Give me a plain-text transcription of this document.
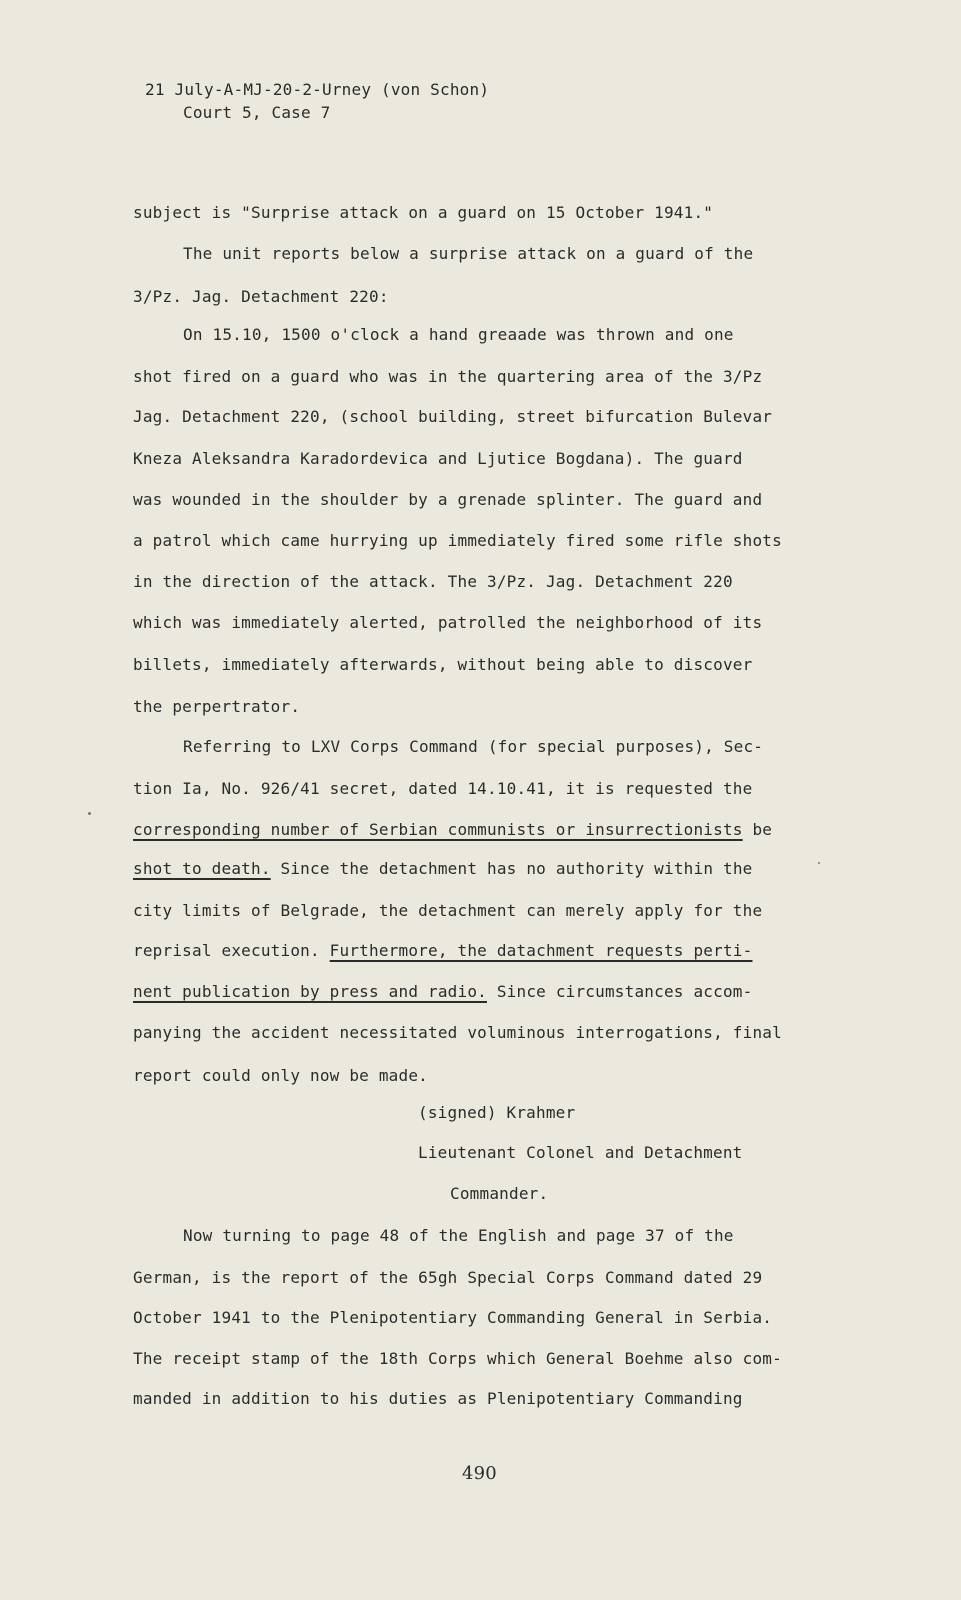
21 July-A-MJ-20-2-Urney (von Schon)
Court 5, Case 7
subject is "Surprise attack on a guard on 15 October 1941."
The unit reports below a surprise attack on a guard of the
3/Pz. Jag. Detachment 220:
On 15.10, 1500 o'clock a hand greaade was thrown and one
shot fired on a guard who was in the quartering area of the 3/Pz
Jag. Detachment 220, (school building, street bifurcation Bulevar
Kneza Aleksandra Karadordevica and Ljutice Bogdana). The guard
was wounded in the shoulder by a grenade splinter. The guard and
a patrol which came hurrying up immediately fired some rifle shots
in the direction of the attack. The 3/Pz. Jag. Detachment 220
which was immediately alerted, patrolled the neighborhood of its
billets, immediately afterwards, without being able to discover
the perpertrator.
Referring to LXV Corps Command (for special purposes), Sec-
tion Ia, No. 926/41 secret, dated 14.10.41, it is requested the
corresponding number of Serbian communists or insurrectionists be
shot to death. Since the detachment has no authority within the
city limits of Belgrade, the detachment can merely apply for the
reprisal execution. Furthermore, the datachment requests perti-
nent publication by press and radio. Since circumstances accom-
panying the accident necessitated voluminous interrogations, final
report could only now be made.
(signed) Krahmer
Lieutenant Colonel and Detachment
Commander.
Now turning to page 48 of the English and page 37 of the
German, is the report of the 65gh Special Corps Command dated 29
October 1941 to the Plenipotentiary Commanding General in Serbia.
The receipt stamp of the 18th Corps which General Boehme also com-
manded in addition to his duties as Plenipotentiary Commanding
490
